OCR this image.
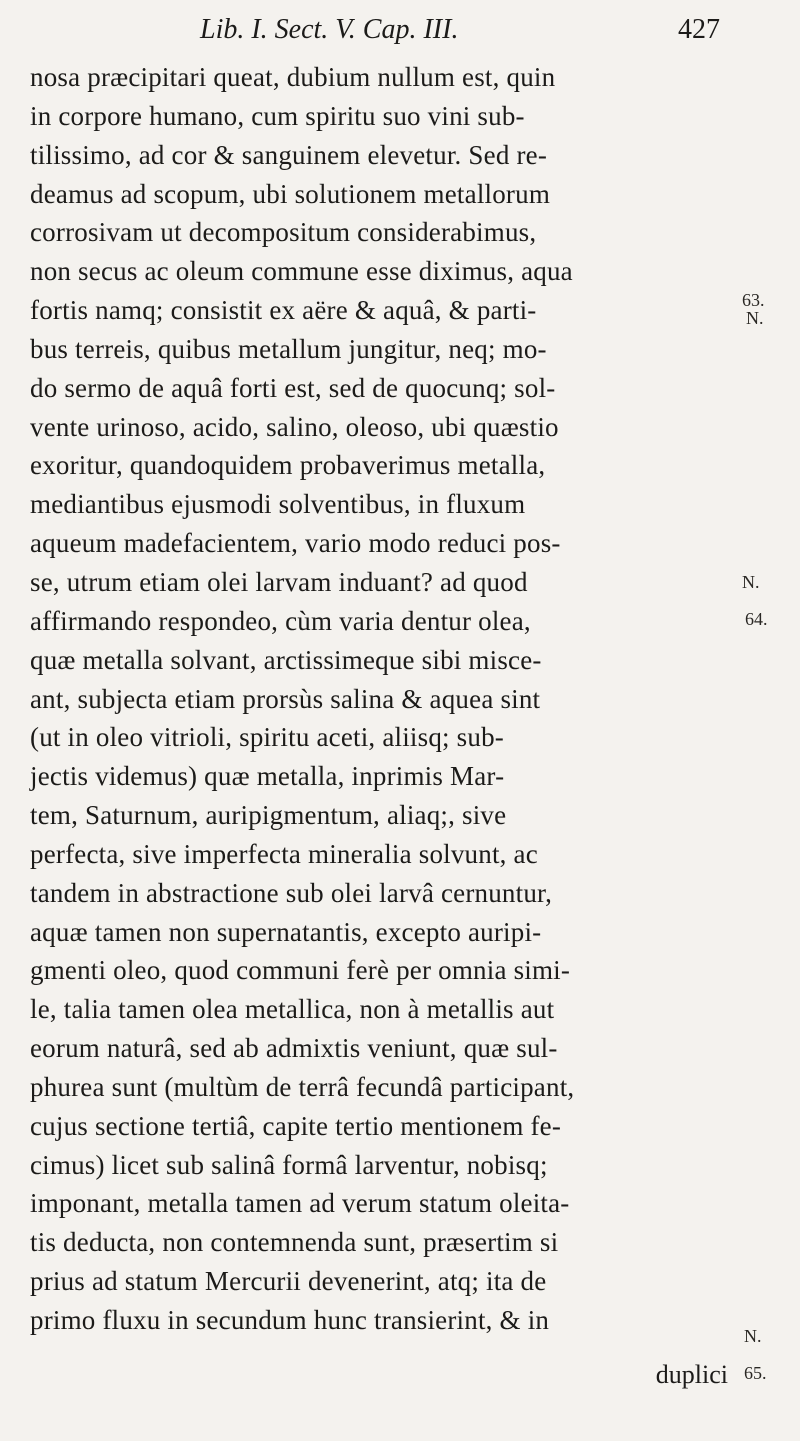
Lib. I. Sect. V. Cap. III.	427
nosa præcipitari queat, dubium nullum est, quin
in corpore humano, cum spiritu suo vini sub-
tilissimo, ad cor & sanguinem elevetur. Sed re-
deamus ad scopum, ubi solutionem metallorum
corrosivam ut decompositum considerabimus,
non secus ac oleum commune esse diximus, aqua
fortis namq; consistit ex aëre & aquâ, & parti-
bus terreis, quibus metallum jungitur, neq; mo-
do sermo de aquâ forti est, sed de quocunq; sol-
vente urinoso, acido, salino, oleoso, ubi quæstio
exoritur, quandoquidem probaverimus metalla,
mediantibus ejusmodi solventibus, in fluxum
aqueum madefacientem, vario modo reduci pos-
se, utrum etiam olei larvam induant? ad quod
affirmando respondeo, cùm varia dentur olea,
quæ metalla solvant, arctissimeque sibi misce-
ant, subjecta etiam prorsùs salina & aquea sint
(ut in oleo vitrioli, spiritu aceti, aliisq; sub-
jectis videmus) quæ metalla, inprimis Mar-
tem, Saturnum, auripigmentum, aliaq;, sive
perfecta, sive imperfecta mineralia solvunt, ac
tandem in abstractione sub olei larvâ cernuntur,
aquæ tamen non supernatantis, excepto auripi-
gmenti oleo, quod communi ferè per omnia simi-
le, talia tamen olea metallica, non à metallis aut
eorum naturâ, sed ab admixtis veniunt, quæ sul-
phurea sunt (multùm de terrâ fecundâ participant,
cujus sectione tertiâ, capite tertio mentionem fe-
cimus) licet sub salinâ formâ larventur, nobisq;
imponant, metalla tamen ad verum statum oleita-
tis deducta, non contemnenda sunt, præsertim si
prius ad statum Mercurii devenerint, atq; ita de
primo fluxu in secundum hunc transierint, & in
63.
N.
N.
64.
N.
65.
duplici
